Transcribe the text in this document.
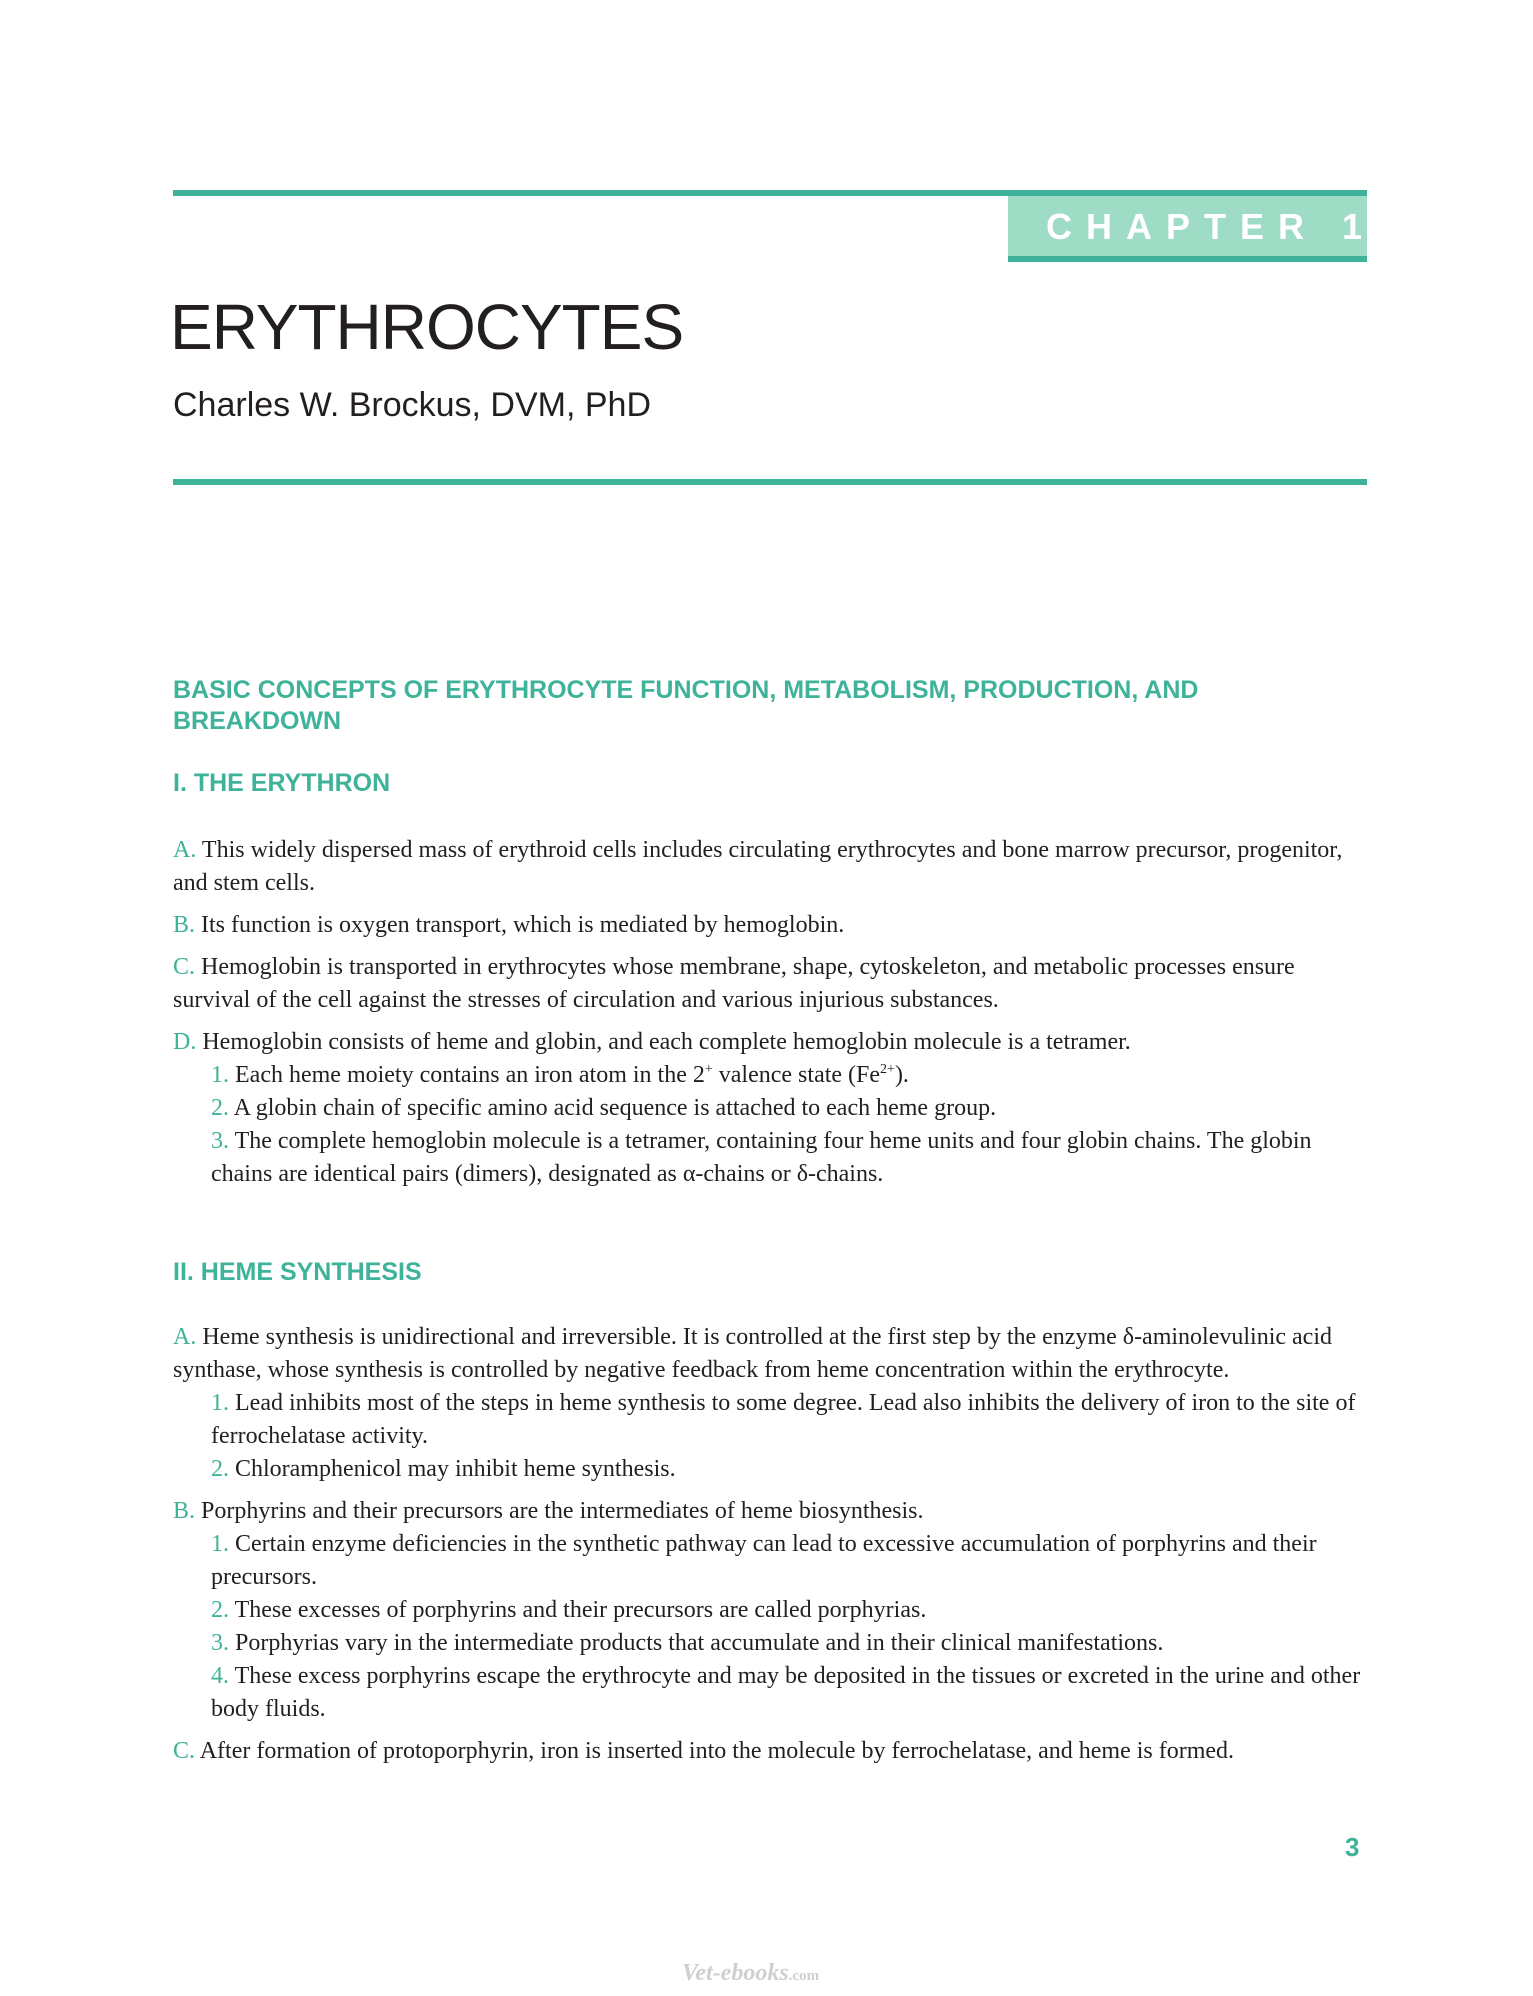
CHAPTER 1
ERYTHROCYTES
Charles W. Brockus, DVM, PhD
BASIC CONCEPTS OF ERYTHROCYTE FUNCTION, METABOLISM, PRODUCTION, AND BREAKDOWN
I. THE ERYTHRON
A. This widely dispersed mass of erythroid cells includes circulating erythrocytes and bone marrow precursor, progenitor, and stem cells.
B. Its function is oxygen transport, which is mediated by hemoglobin.
C. Hemoglobin is transported in erythrocytes whose membrane, shape, cytoskeleton, and metabolic processes ensure survival of the cell against the stresses of circulation and various injurious substances.
D. Hemoglobin consists of heme and globin, and each complete hemoglobin molecule is a tetramer.
1. Each heme moiety contains an iron atom in the 2+ valence state $(Fe^{2+})$.
2. A globin chain of specific amino acid sequence is attached to each heme group.
3. The complete hemoglobin molecule is a tetramer, containing four heme units and four globin chains. The globin chains are identical pairs (dimers), designated as α-chains or δ-chains.
II. HEME SYNTHESIS
A. Heme synthesis is unidirectional and irreversible. It is controlled at the first step by the enzyme δ-aminolevulinic acid synthase, whose synthesis is controlled by negative feedback from heme concentration within the erythrocyte.
1. Lead inhibits most of the steps in heme synthesis to some degree. Lead also inhibits the delivery of iron to the site of ferrochelatase activity.
2. Chloramphenicol may inhibit heme synthesis.
B. Porphyrins and their precursors are the intermediates of heme biosynthesis.
1. Certain enzyme deficiencies in the synthetic pathway can lead to excessive accumulation of porphyrins and their precursors.
2. These excesses of porphyrins and their precursors are called porphyrias.
3. Porphyrias vary in the intermediate products that accumulate and in their clinical manifestations.
4. These excess porphyrins escape the erythrocyte and may be deposited in the tissues or excreted in the urine and other body fluids.
C. After formation of protoporphyrin, iron is inserted into the molecule by ferrochelatase, and heme is formed.
3
Vet-ebooks.com
